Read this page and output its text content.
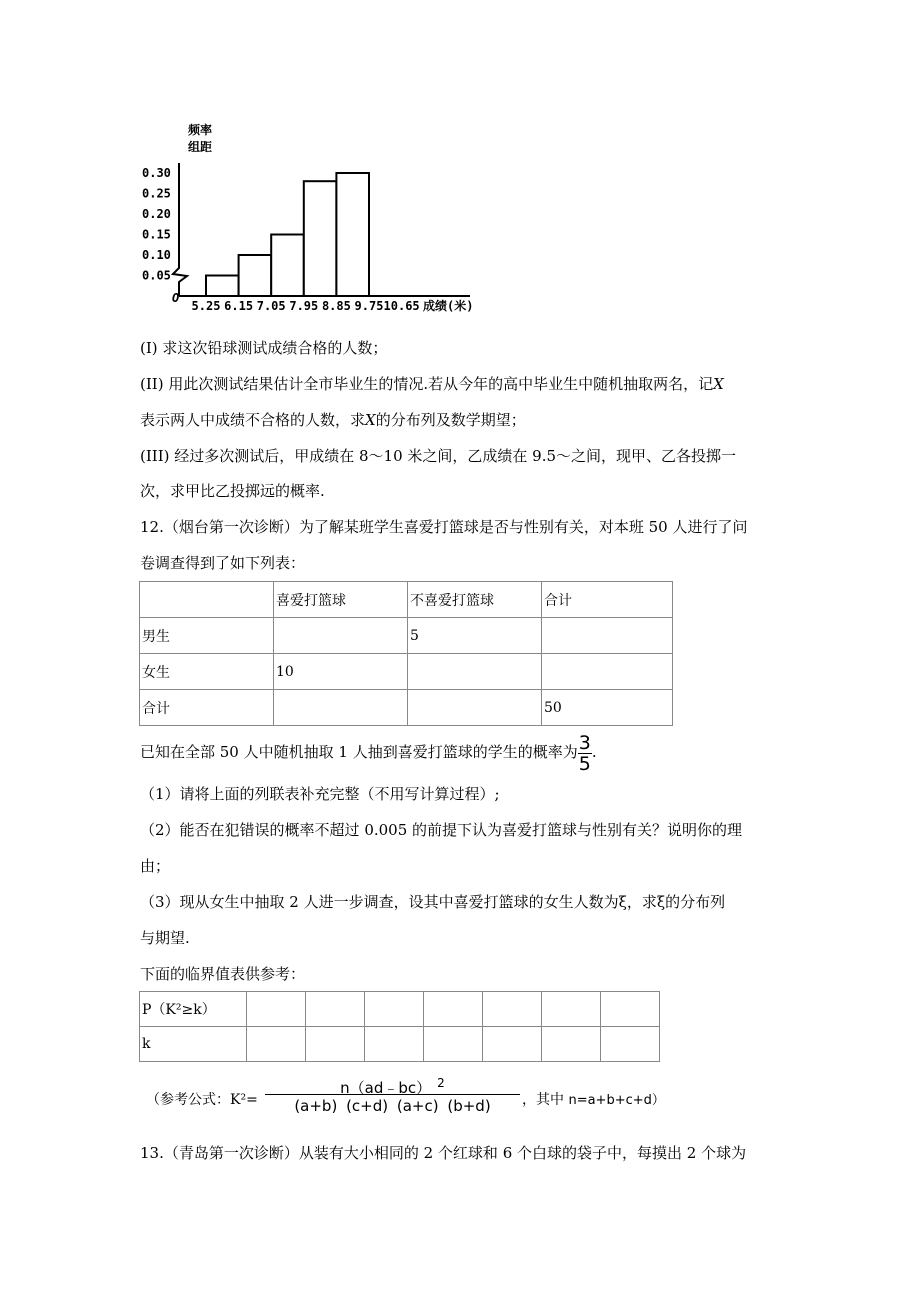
频率
组距
O
0.05
0.10
0.15
0.20
0.25
0.30
5.25 6.15 7.05 7.95 8.85 9.75 10.65 成绩(米)
(I) 求这次铅球测试成绩合格的人数；
(II) 用此次测试结果估计全市毕业生的情况.若从今年的高中毕业生中随机抽取两名，记X
表示两人中成绩不合格的人数，求X的分布列及数学期望；
(III) 经过多次测试后，甲成绩在 8～10 米之间，乙成绩在 9.5～之间，现甲、乙各投掷一
次，求甲比乙投掷远的概率.
12.（烟台第一次诊断）为了解某班学生喜爱打篮球是否与性别有关，对本班 50 人进行了问
卷调查得到了如下列表：
	喜爱打篮球	不喜爱打篮球	合计
男生		5	
女生	10		
合计			50
已知在全部 50 人中随机抽取 1 人抽到喜爱打篮球的学生的概率为 $\frac{3}{5}$ .
（1）请将上面的列联表补充完整（不用写计算过程）;
（2）能否在犯错误的概率不超过 0.005 的前提下认为喜爱打篮球与性别有关？说明你的理
由；
（3）现从女生中抽取 2 人进一步调查，设其中喜爱打篮球的女生人数为ξ，求ξ的分布列
与期望.
下面的临界值表供参考：
P（K²≥k）							
k							
（参考公式：K²=
n（ad﹣bc） $^2$
(a+b) (c+d) (a+c) (b+d)	，其中 n=a+b+c+d）
13.（青岛第一次诊断）从装有大小相同的 2 个红球和 6 个白球的袋子中，每摸出 2 个球为
